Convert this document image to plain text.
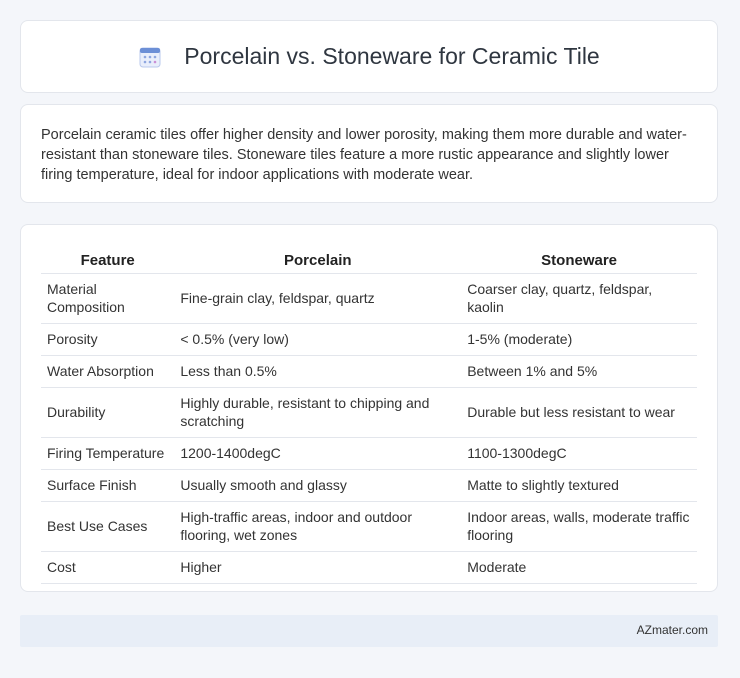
Porcelain vs. Stoneware for Ceramic Tile

Porcelain ceramic tiles offer higher density and lower porosity, making them more durable and water-resistant than stoneware tiles. Stoneware tiles feature a more rustic appearance and slightly lower firing temperature, ideal for indoor applications with moderate wear.

Feature	Porcelain	Stoneware
Material Composition	Fine-grain clay, feldspar, quartz	Coarser clay, quartz, feldspar, kaolin
Porosity	< 0.5% (very low)	1-5% (moderate)
Water Absorption	Less than 0.5%	Between 1% and 5%
Durability	Highly durable, resistant to chipping and scratching	Durable but less resistant to wear
Firing Temperature	1200-1400degC	1100-1300degC
Surface Finish	Usually smooth and glassy	Matte to slightly textured
Best Use Cases	High-traffic areas, indoor and outdoor flooring, wet zones	Indoor areas, walls, moderate traffic flooring
Cost	Higher	Moderate
AZmater.com
